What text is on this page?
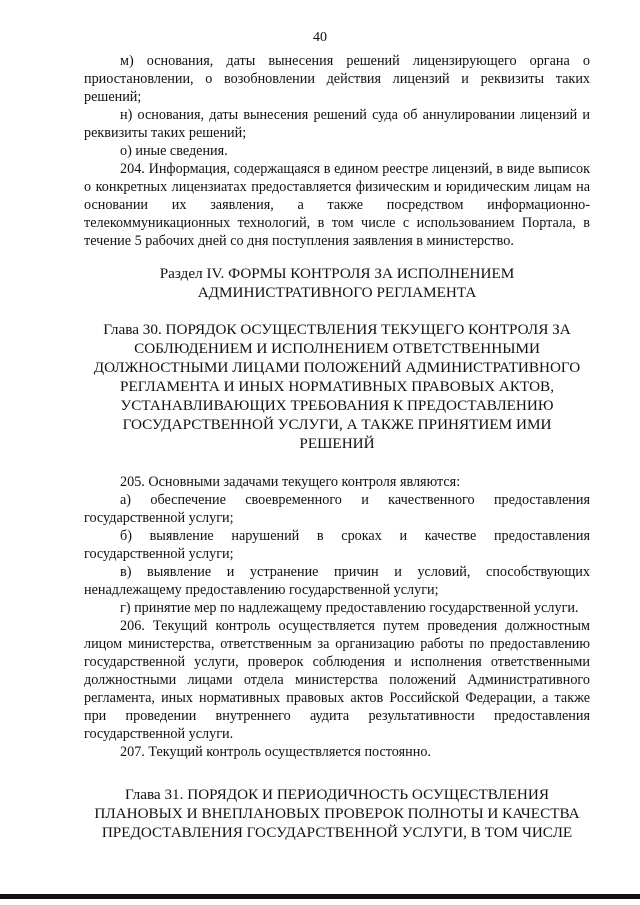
40

м) основания, даты вынесения решений лицензирующего органа о приостановлении, о возобновлении действия лицензий и реквизиты таких решений;

н) основания, даты вынесения решений суда об аннулировании лицензий и реквизиты таких решений;

о) иные сведения.

204. Информация, содержащаяся в едином реестре лицензий, в виде выписок о конкретных лицензиатах предоставляется физическим и юридическим лицам на основании их заявления, а также посредством информационно-телекоммуникационных технологий, в том числе с использованием Портала, в течение 5 рабочих дней со дня поступления заявления в министерство.

Раздел IV. ФОРМЫ КОНТРОЛЯ ЗА ИСПОЛНЕНИЕМ АДМИНИСТРАТИВНОГО РЕГЛАМЕНТА
Глава 30. ПОРЯДОК ОСУЩЕСТВЛЕНИЯ ТЕКУЩЕГО КОНТРОЛЯ ЗА СОБЛЮДЕНИЕМ И ИСПОЛНЕНИЕМ ОТВЕТСТВЕННЫМИ ДОЛЖНОСТНЫМИ ЛИЦАМИ ПОЛОЖЕНИЙ АДМИНИСТРАТИВНОГО РЕГЛАМЕНТА И ИНЫХ НОРМАТИВНЫХ ПРАВОВЫХ АКТОВ, УСТАНАВЛИВАЮЩИХ ТРЕБОВАНИЯ К ПРЕДОСТАВЛЕНИЮ ГОСУДАРСТВЕННОЙ УСЛУГИ, А ТАКЖЕ ПРИНЯТИЕМ ИМИ РЕШЕНИЙ

205. Основными задачами текущего контроля являются:

а) обеспечение своевременного и качественного предоставления государственной услуги;

б) выявление нарушений в сроках и качестве предоставления государственной услуги;

в) выявление и устранение причин и условий, способствующих ненадлежащему предоставлению государственной услуги;

г) принятие мер по надлежащему предоставлению государственной услуги.

206. Текущий контроль осуществляется путем проведения должностным лицом министерства, ответственным за организацию работы по предоставлению государственной услуги, проверок соблюдения и исполнения ответственными должностными лицами отдела министерства положений Административного регламента, иных нормативных правовых актов Российской Федерации, а также при проведении внутреннего аудита результативности предоставления государственной услуги.

207. Текущий контроль осуществляется постоянно.

Глава 31. ПОРЯДОК И ПЕРИОДИЧНОСТЬ ОСУЩЕСТВЛЕНИЯ ПЛАНОВЫХ И ВНЕПЛАНОВЫХ ПРОВЕРОК ПОЛНОТЫ И КАЧЕСТВА ПРЕДОСТАВЛЕНИЯ ГОСУДАРСТВЕННОЙ УСЛУГИ, В ТОМ ЧИСЛЕ
